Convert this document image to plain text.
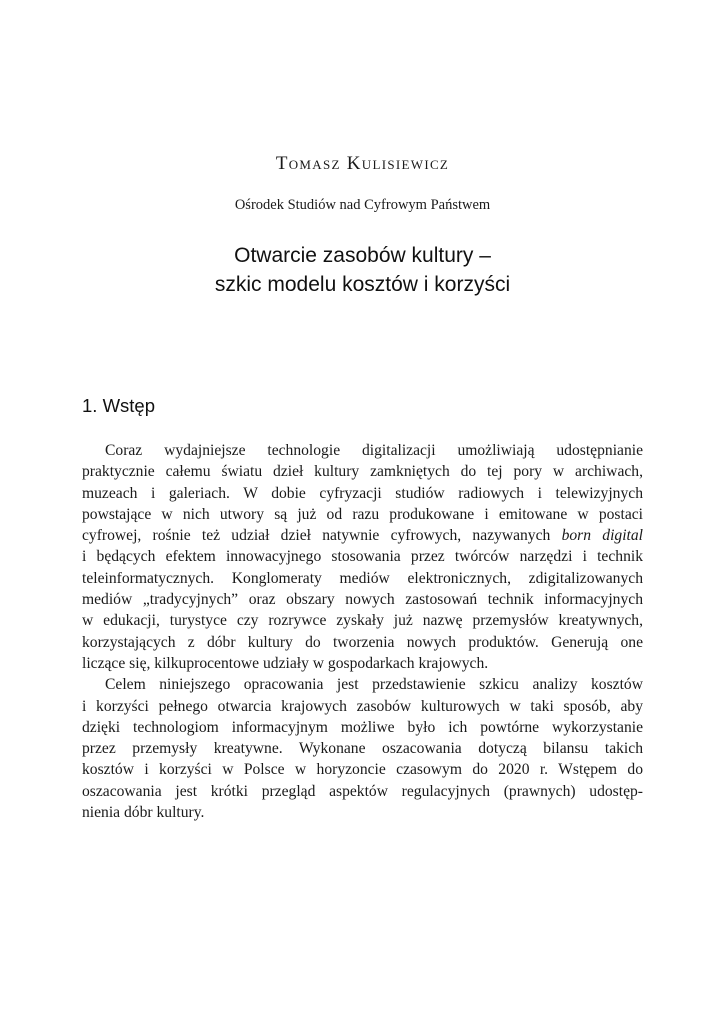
Tomasz Kulisiewicz
Ośrodek Studiów nad Cyfrowym Państwem
Otwarcie zasobów kultury –
szkic modelu kosztów i korzyści
1. Wstęp
Coraz wydajniejsze technologie digitalizacji umożliwiają udostępnianie
praktycznie całemu światu dzieł kultury zamkniętych do tej pory w archiwach,
muzeach i galeriach. W dobie cyfryzacji studiów radiowych i telewizyjnych
powstające w nich utwory są już od razu produkowane i emitowane w postaci
cyfrowej, rośnie też udział dzieł natywnie cyfrowych, nazywanych born digital
i będących efektem innowacyjnego stosowania przez twórców narzędzi i technik
teleinformatycznych. Konglomeraty mediów elektronicznych, zdigitalizowanych
mediów „tradycyjnych” oraz obszary nowych zastosowań technik informacyjnych
w edukacji, turystyce czy rozrywce zyskały już nazwę przemysłów kreatywnych,
korzystających z dóbr kultury do tworzenia nowych produktów. Generują one
liczące się, kilkuprocentowe udziały w gospodarkach krajowych.
Celem niniejszego opracowania jest przedstawienie szkicu analizy kosztów
i korzyści pełnego otwarcia krajowych zasobów kulturowych w taki sposób, aby
dzięki technologiom informacyjnym możliwe było ich powtórne wykorzystanie
przez przemysły kreatywne. Wykonane oszacowania dotyczą bilansu takich
kosztów i korzyści w Polsce w horyzoncie czasowym do 2020 r. Wstępem do
oszacowania jest krótki przegląd aspektów regulacyjnych (prawnych) udostęp-
nienia dóbr kultury.
